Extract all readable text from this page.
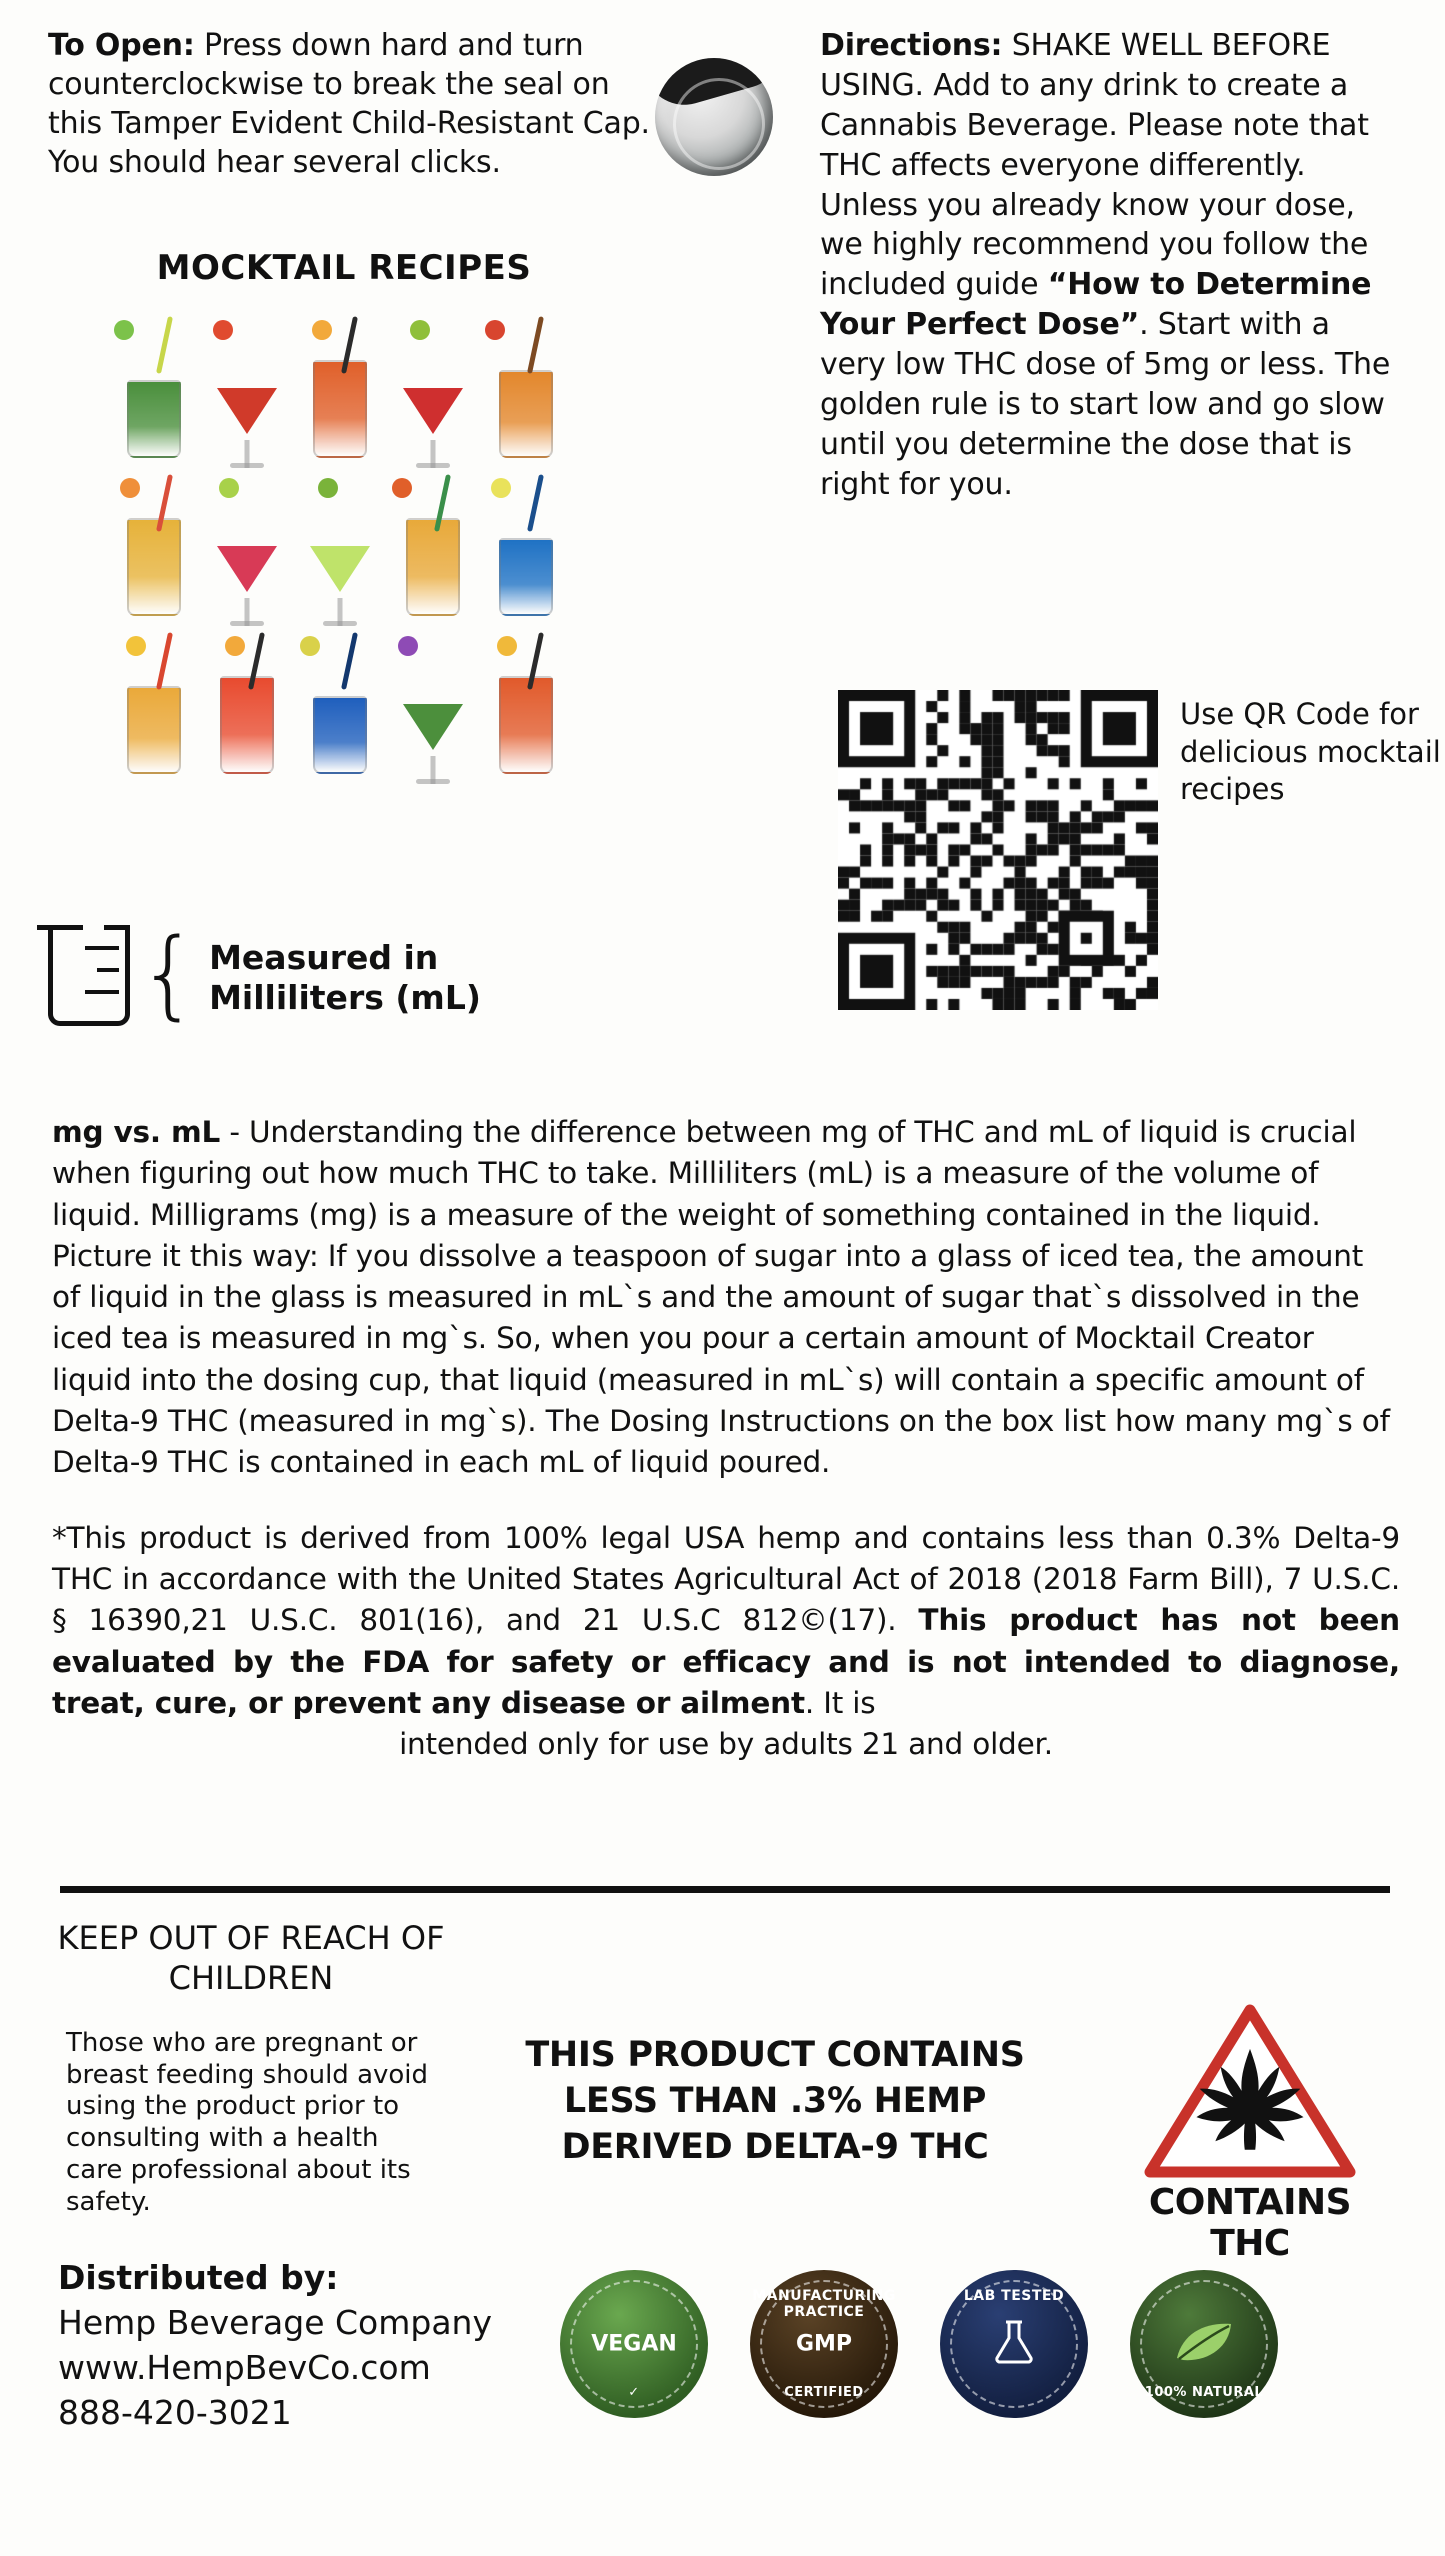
To Open: Press down hard and turn counterclockwise to break the seal on this Tamper Evident Child-Resistant Cap. You should hear several clicks.
MOCKTAIL RECIPES
Directions: SHAKE WELL BEFORE USING. Add to any drink to create a Cannabis Beverage. Please note that THC affects everyone differently. Unless you already know your dose, we highly recommend you follow the included guide “How to Determine Your Perfect Dose”. Start with a very low THC dose of 5mg or less. The golden rule is to start low and go slow until you determine the dose that is right for you.
Use QR Code for delicious mocktail recipes
{ Measured in
Milliliters (mL)

mg vs. mL - Understanding the difference between mg of THC and mL of liquid is crucial when figuring out how much THC to take. Milliliters (mL) is a measure of the volume of liquid. Milligrams (mg) is a measure of the weight of something contained in the liquid. Picture it this way: If you dissolve a teaspoon of sugar into a glass of iced tea, the amount of liquid in the glass is measured in mL`s and the amount of sugar that`s dissolved in the iced tea is measured in mg`s. So, when you pour a certain amount of Mocktail Creator liquid into the dosing cup, that liquid (measured in mL`s) will contain a specific amount of Delta-9 THC (measured in mg`s). The Dosing Instructions on the box list how many mg`s of Delta-9 THC is contained in each mL of liquid poured.

*This product is derived from 100% legal USA hemp and contains less than 0.3% Delta-9 THC in accordance with the United States Agricultural Act of 2018 (2018 Farm Bill), 7 U.S.C. § 16390,21 U.S.C. 801(16), and 21 U.S.C 812©(17). This product has not been evaluated by the FDA for safety or efficacy and is not intended to diagnose, treat, cure, or prevent any disease or ailment. It is
intended only for use by adults 21 and older.

KEEP OUT OF REACH OF CHILDREN
Those who are pregnant or breast feeding should avoid using the product prior to consulting with a health care professional about its safety.
THIS PRODUCT CONTAINS
LESS THAN .3% HEMP
DERIVED DELTA-9 THC
CONTAINS THC
Distributed by:
Hemp Beverage Company
www.HempBevCo.com
888-420-3021
VEGAN
✓
MANUFACTURING PRACTICE
GMP
CERTIFIED
LAB TESTED
100% NATURAL
